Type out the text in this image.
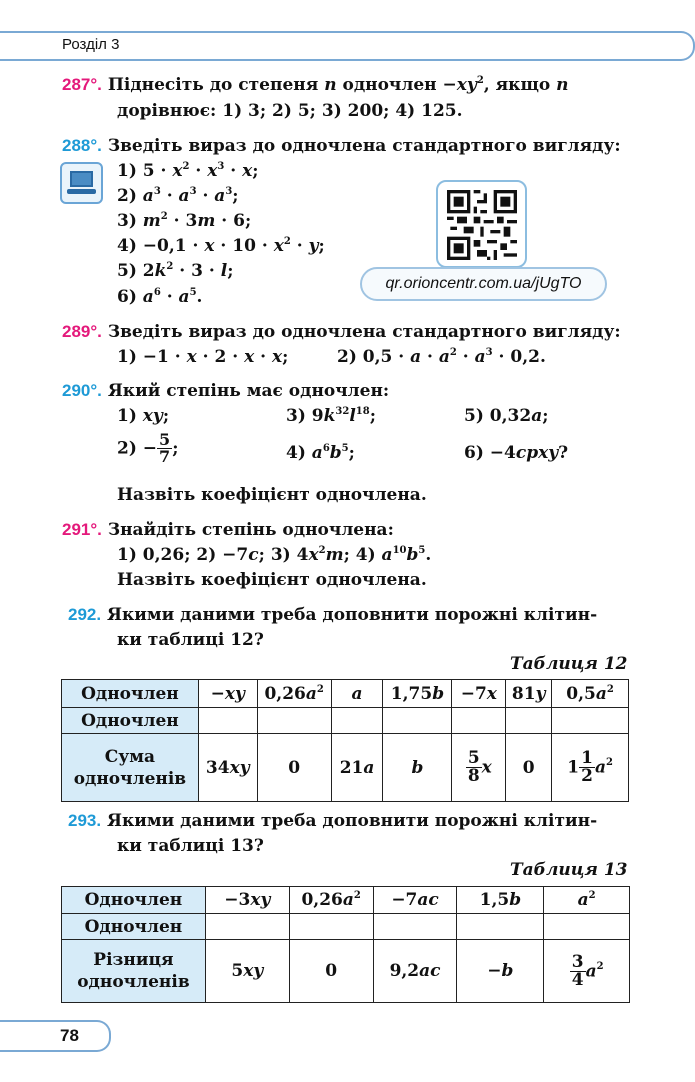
Розділ 3
287°. Піднесіть до степеня n одночлен $-xy^2$, якщо n
дорівнює: 1) 3; 2) 5; 3) 200; 4) 125.
288°. Зведіть вираз до одночлена стандартного вигляду:
1) $5 \cdot x^2 \cdot x^3 \cdot x$;
2) $a^3 \cdot a^3 \cdot a^3$;
3) $m^2 \cdot 3m \cdot 6$;
$4) -0,1 \cdot x \cdot 10 \cdot x^2 \cdot y$;
5) $2k^2 \cdot 3 \cdot l$;
6) $a^6 \cdot a^5$.
qr.orioncentr.com.ua/jUgTO
289°. Зведіть вираз до одночлена стандартного вигляду:
1) −1 · x · 2 · x · x;	2) $0,5 \cdot a \cdot a^2 \cdot a^3 \cdot 0,2$.
290°. Який степінь має одночлен:
1) xy;	3) $9k^{32}l^{18}$;	5) 0,32a;
$2) - \frac{5}{7}$ ;	4) $a^6b^5$;	6) −4cpxy?
Назвіть коефіцієнт одночлена.
291°. Знайдіть степінь одночлена:
1) 0,26; 2) −7c; 3) $4x^2m$; 4) $a^{10}b^5$.
Назвіть коефіцієнт одночлена.
292. Якими даними треба доповнити порожні клітин-
ки таблиці 12?
Таблиця 12
Одночлен	−xy	$0,26a^2$	a	1,75b	−7x	81y	$0,5a^2$
Одночлен							
Сума
одночленів	34xy	0	21a	b	$\frac{5}{8}$ x	0	$1 \frac{1}{2} a^2$
293. Якими даними треба доповнити порожні клітин-
ки таблиці 13?
Таблиця 13
Одночлен	−3xy	$0,26a^2$	−7ac	1,5b	$a^2$
Одночлен					
Різниця
одночленів	5xy	0	9,2ac	−b	$\frac{3}{4} a^2$
78
